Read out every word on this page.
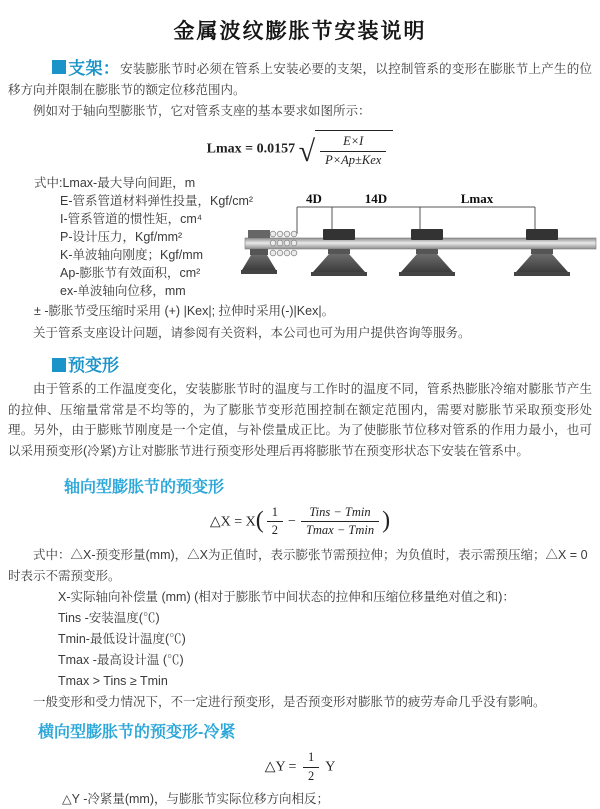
金属波纹膨胀节安装说明

支架：安装膨胀节时必须在管系上安装必要的支架，以控制管系的变形在膨胀节上产生的位移方向并限制在膨胀节的额定位移范围内。

例如对于轴向型膨胀节，它对管系支座的基本要求如图所示：

Lmax = 0.0157 √ $\frac{E\times I}{\text{P×Ap±Kex}}$
式中:Lmax-最大导向间距，m
E-管系管道材料弹性投量，Kgf/cm²
I-管系管道的惯性矩，cm⁴
P-设计压力，Kgf/mm²
K-单波轴向刚度；Kgf/mm
Ap-膨胀节有效面积，cm²
ex-单波轴向位移，mm
± -膨胀节受压缩时采用 (+) |Kex|; 拉伸时采用(-)|Kex|。
关于管系支座设计问题，请参阅有关资料，本公司也可为用户提供咨询等服务。
预变形

由于管系的工作温度变化，安装膨胀节时的温度与工作时的温度不同，管系热膨胀冷缩对膨胀节产生的拉伸、压缩量常常是不均等的，为了膨胀节变形范围控制在额定范围内，需要对膨胀节采取预变形处理。另外，由于膨账节刚度是一个定值，与补偿量成正比。为了使膨胀节位移对管系的作用力最小，也可以采用预变形(冷紧)方让对膨胀节进行预变形处理后再将膨胀节在预变形状态下安装在管系中。

轴向型膨胀节的预变形
△X = $X( \frac{1}{2} - \frac{\text{Tins − Tmin}}{Tmax - Tmin}$ )
式中：△X-预变形量(mm)，△X为正值时，表示膨张节需预拉伸；为负值时，表示需预压缩；△X = 0时表示不需预变形。
X-实际轴向补偿量 (mm) (相对于膨胀节中间状态的拉伸和压缩位移量绝对值之和)：
Tins -安装温度(℃)
Tmin-最低设计温度(℃)
Tmax -最高设计温 (℃)
Tmax > Tins ≥ Tmin
一般变形和受力情况下，不一定进行预变形，是否预变形对膨胀节的疲劳寿命几乎没有影响。
横向型膨胀节的预变形-冷紧
△Y = $\frac{1}{2}$ Y
△Y -冷紧量(mm)，与膨胀节实际位移方向相反；
4D	14D	Lmax
